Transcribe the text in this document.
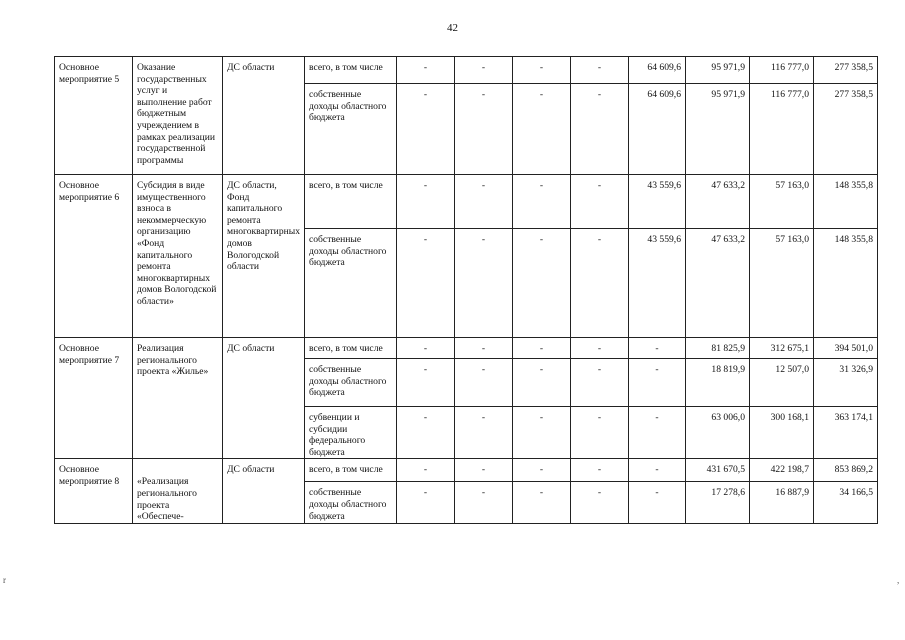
42
Основное мероприятие 5	Оказание государственных услуг и выполнение работ бюджетным учреждением в рамках реализации государственной программы	ДС области	всего, в том числе	-	-	-	-	64 609,6	95 971,9	116 777,0	277 358,5
			собственные доходы областного бюджета	-	-	-	-	64 609,6	95 971,9	116 777,0	277 358,5
Основное мероприятие 6	Субсидия в виде имущественного взноса в некоммерческую организацию «Фонд капитального ремонта многоквартирных домов Вологодской области»	ДС области, Фонд капитального ремонта многоквартирных домов Вологодской области	всего, в том числе	-	-	-	-	43 559,6	47 633,2	57 163,0	148 355,8
			собственные доходы областного бюджета	-	-	-	-	43 559,6	47 633,2	57 163,0	148 355,8
Основное мероприятие 7	Реализация регионального проекта «Жилье»	ДС области	всего, в том числе	-	-	-	-	-	81 825,9	312 675,1	394 501,0
			собственные доходы областного бюджета	-	-	-	-	-	18 819,9	12 507,0	31 326,9
			субвенции и субсидии федерального бюджета	-	-	-	-	-	63 006,0	300 168,1	363 174,1
Основное мероприятие 8	«Реализация регионального проекта «Обеспече-	ДС области	всего, в том числе	-	-	-	-	-	431 670,5	422 198,7	853 869,2
			собственные доходы областного бюджета	-	-	-	-	-	17 278,6	16 887,9	34 166,5
r	,
